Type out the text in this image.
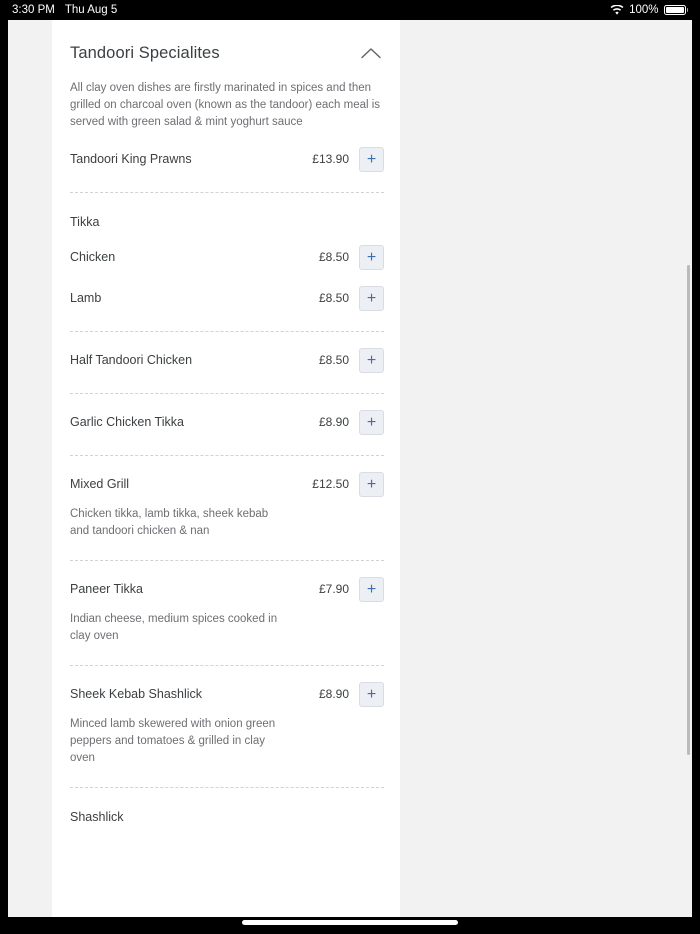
3:30 PM Thu Aug 5	100%
Tandoori Specialites
All clay oven dishes are firstly marinated in spices and then grilled on charcoal oven (known as the tandoor) each meal is served with green salad & mint yoghurt sauce
Tandoori King Prawns	£13.90	+
Tikka
Chicken	£8.50	+
Lamb	£8.50	+
Half Tandoori Chicken	£8.50	+
Garlic Chicken Tikka	£8.90	+
Mixed Grill	£12.50	+
Chicken tikka, lamb tikka, sheek kebab and tandoori chicken & nan
Paneer Tikka	£7.90	+
Indian cheese, medium spices cooked in clay oven
Sheek Kebab Shashlick	£8.90	+
Minced lamb skewered with onion green peppers and tomatoes & grilled in clay oven
Shashlick
